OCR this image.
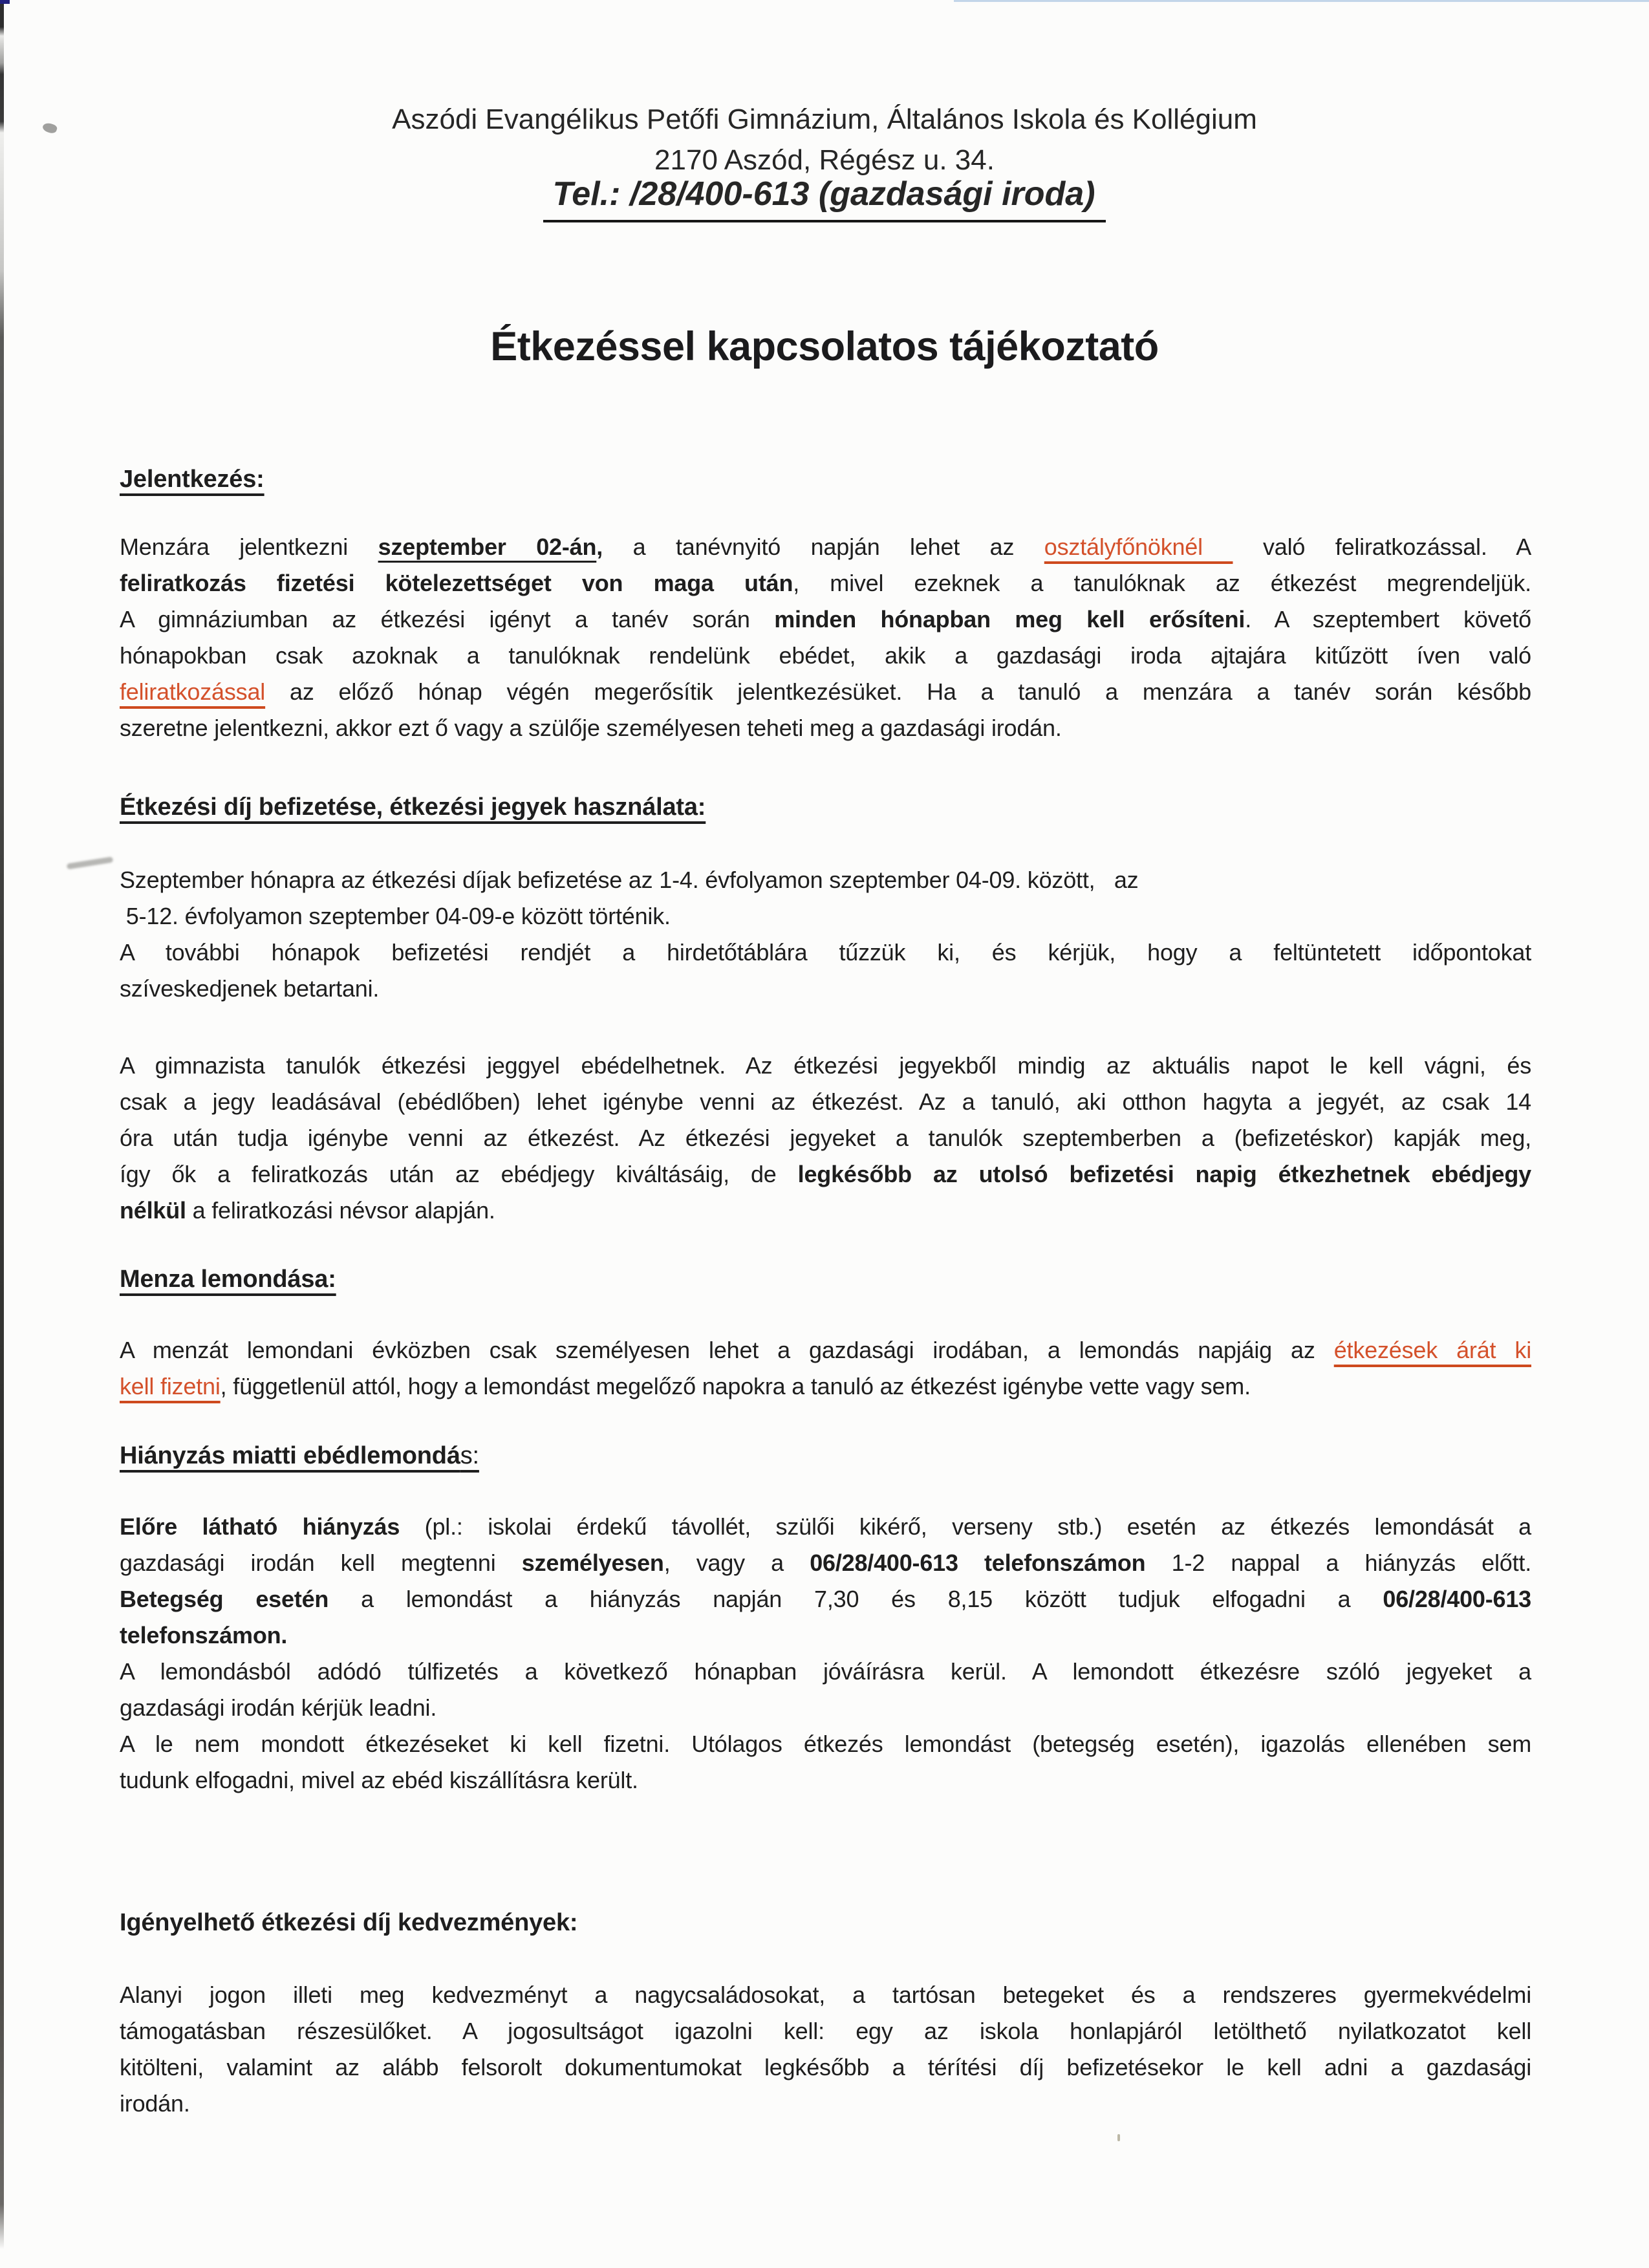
Aszódi Evangélikus Petőfi Gimnázium, Általános Iskola és Kollégium
2170 Aszód, Régész u. 34.
Tel.: /28/400-613 (gazdasági iroda)
Étkezéssel kapcsolatos tájékoztató
Jelentkezés:
Menzára jelentkezni szeptember 02-án, a tanévnyitó napján lehet az osztályfőnöknél  való feliratkozással. A
feliratkozás fizetési kötelezettséget von maga után, mivel ezeknek a tanulóknak az étkezést megrendeljük.
A gimnáziumban az étkezési igényt a tanév során minden hónapban meg kell erősíteni. A szeptembert követő
hónapokban csak azoknak a tanulóknak rendelünk ebédet, akik a gazdasági iroda ajtajára kitűzött íven való
feliratkozással az előző hónap végén megerősítik jelentkezésüket. Ha a tanuló a menzára a tanév során később
szeretne jelentkezni, akkor ezt ő vagy a szülője személyesen teheti meg a gazdasági irodán.
Étkezési díj befizetése, étkezési jegyek használata:
Szeptember hónapra az étkezési díjak befizetése az 1-4. évfolyamon szeptember 04-09. között,   az
5-12. évfolyamon szeptember 04-09-e között történik.
A további hónapok befizetési rendjét a hirdetőtáblára tűzzük ki, és kérjük, hogy a feltüntetett időpontokat
szíveskedjenek betartani.
A gimnazista tanulók étkezési jeggyel ebédelhetnek. Az étkezési jegyekből mindig az aktuális napot le kell vágni, és
csak a jegy leadásával (ebédlőben) lehet igénybe venni az étkezést. Az a tanuló, aki otthon hagyta a jegyét, az csak 14
óra után tudja igénybe venni az étkezést. Az étkezési jegyeket a tanulók szeptemberben a (befizetéskor) kapják meg,
így ők a feliratkozás után az ebédjegy kiváltásáig, de legkésőbb az utolsó befizetési napig étkezhetnek ebédjegy
nélkül a feliratkozási névsor alapján.
Menza lemondása:
A menzát lemondani évközben csak személyesen lehet a gazdasági irodában, a lemondás napjáig az étkezések árát ki
kell fizetni, függetlenül attól, hogy a lemondást megelőző napokra a tanuló az étkezést igénybe vette vagy sem.
Hiányzás miatti ebédlemondás:
Előre látható hiányzás (pl.: iskolai érdekű távollét, szülői kikérő, verseny stb.) esetén az étkezés lemondását a
gazdasági irodán kell megtenni személyesen, vagy a 06/28/400-613 telefonszámon 1-2 nappal a hiányzás előtt.
Betegség esetén a lemondást a hiányzás napján 7,30 és 8,15 között tudjuk elfogadni a 06/28/400-613
telefonszámon.
A lemondásból adódó túlfizetés a következő hónapban jóváírásra kerül. A lemondott étkezésre szóló jegyeket a
gazdasági irodán kérjük leadni.
A le nem mondott étkezéseket ki kell fizetni. Utólagos étkezés lemondást (betegség esetén), igazolás ellenében sem
tudunk elfogadni, mivel az ebéd kiszállításra került.
Igényelhető étkezési díj kedvezmények:
Alanyi jogon illeti meg kedvezményt a nagycsaládosokat, a tartósan betegeket és a rendszeres gyermekvédelmi
támogatásban részesülőket. A jogosultságot igazolni kell: egy az iskola honlapjáról letölthető nyilatkozatot kell
kitölteni, valamint az alább felsorolt dokumentumokat legkésőbb a térítési díj befizetésekor le kell adni a gazdasági
irodán.
